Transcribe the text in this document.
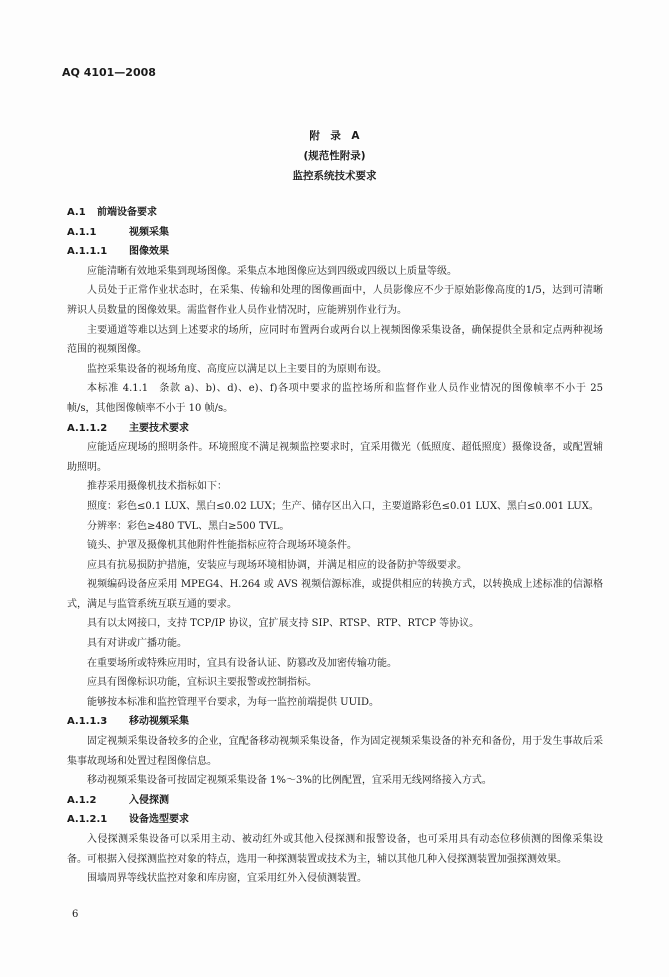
AQ 4101—2008
附　录　A
(规范性附录)
监控系统技术要求
A.1 前端设备要求
A.1.1	视频采集
A.1.1.1 图像效果
应能清晰有效地采集到现场图像。采集点本地图像应达到四级或四级以上质量等级。
人员处于正常作业状态时，在采集、传输和处理的图像画面中，人员影像应不少于原始影像高度的1/5，达到可清晰辨识人员数量的图像效果。需监督作业人员作业情况时，应能辨别作业行为。
主要通道等难以达到上述要求的场所，应同时布置两台或两台以上视频图像采集设备，确保提供全景和定点两种视场范围的视频图像。
监控采集设备的视场角度、高度应以满足以上主要目的为原则布设。
本标准 4.1.1　条款 a)、b)、d)、e)、f)各项中要求的监控场所和监督作业人员作业情况的图像帧率不小于 25 帧/s，其他图像帧率不小于 10 帧/s。
A.1.1.2 主要技术要求
应能适应现场的照明条件。环境照度不满足视频监控要求时，宜采用微光（低照度、超低照度）摄像设备，或配置辅助照明。
推荐采用摄像机技术指标如下：
照度：彩色≤0.1 LUX、黑白≤0.02 LUX；生产、储存区出入口，主要道路彩色≤0.01 LUX、黑白≤0.001 LUX。
分辨率：彩色≥480 TVL、黑白≥500 TVL。
镜头、护罩及摄像机其他附件性能指标应符合现场环境条件。
应具有抗易损防护措施，安装应与现场环境相协调，并满足相应的设备防护等级要求。
视频编码设备应采用 MPEG4、H.264 或 AVS 视频信源标准，或提供相应的转换方式，以转换成上述标准的信源格式，满足与监管系统互联互通的要求。
具有以太网接口，支持 TCP/IP 协议，宜扩展支持 SIP、RTSP、RTP、RTCP 等协议。
具有对讲或广播功能。
在重要场所或特殊应用时，宜具有设备认证、防篡改及加密传输功能。
应具有图像标识功能，宜标识主要报警或控制指标。
能够按本标准和监控管理平台要求，为每一监控前端提供 UUID。
A.1.1.3 移动视频采集
固定视频采集设备较多的企业，宜配备移动视频采集设备，作为固定视频采集设备的补充和备份，用于发生事故后采集事故现场和处置过程图像信息。
移动视频采集设备可按固定视频采集设备 1%～3%的比例配置，宜采用无线网络接入方式。
A.1.2	入侵探测
A.1.2.1 设备选型要求
入侵探测采集设备可以采用主动、被动红外或其他入侵探测和报警设备，也可采用具有动态位移侦测的图像采集设备。可根据入侵探测监控对象的特点，选用一种探测装置或技术为主，辅以其他几种入侵探测装置加强探测效果。
围墙周界等线状监控对象和库房窗，宜采用红外入侵侦测装置。
6
